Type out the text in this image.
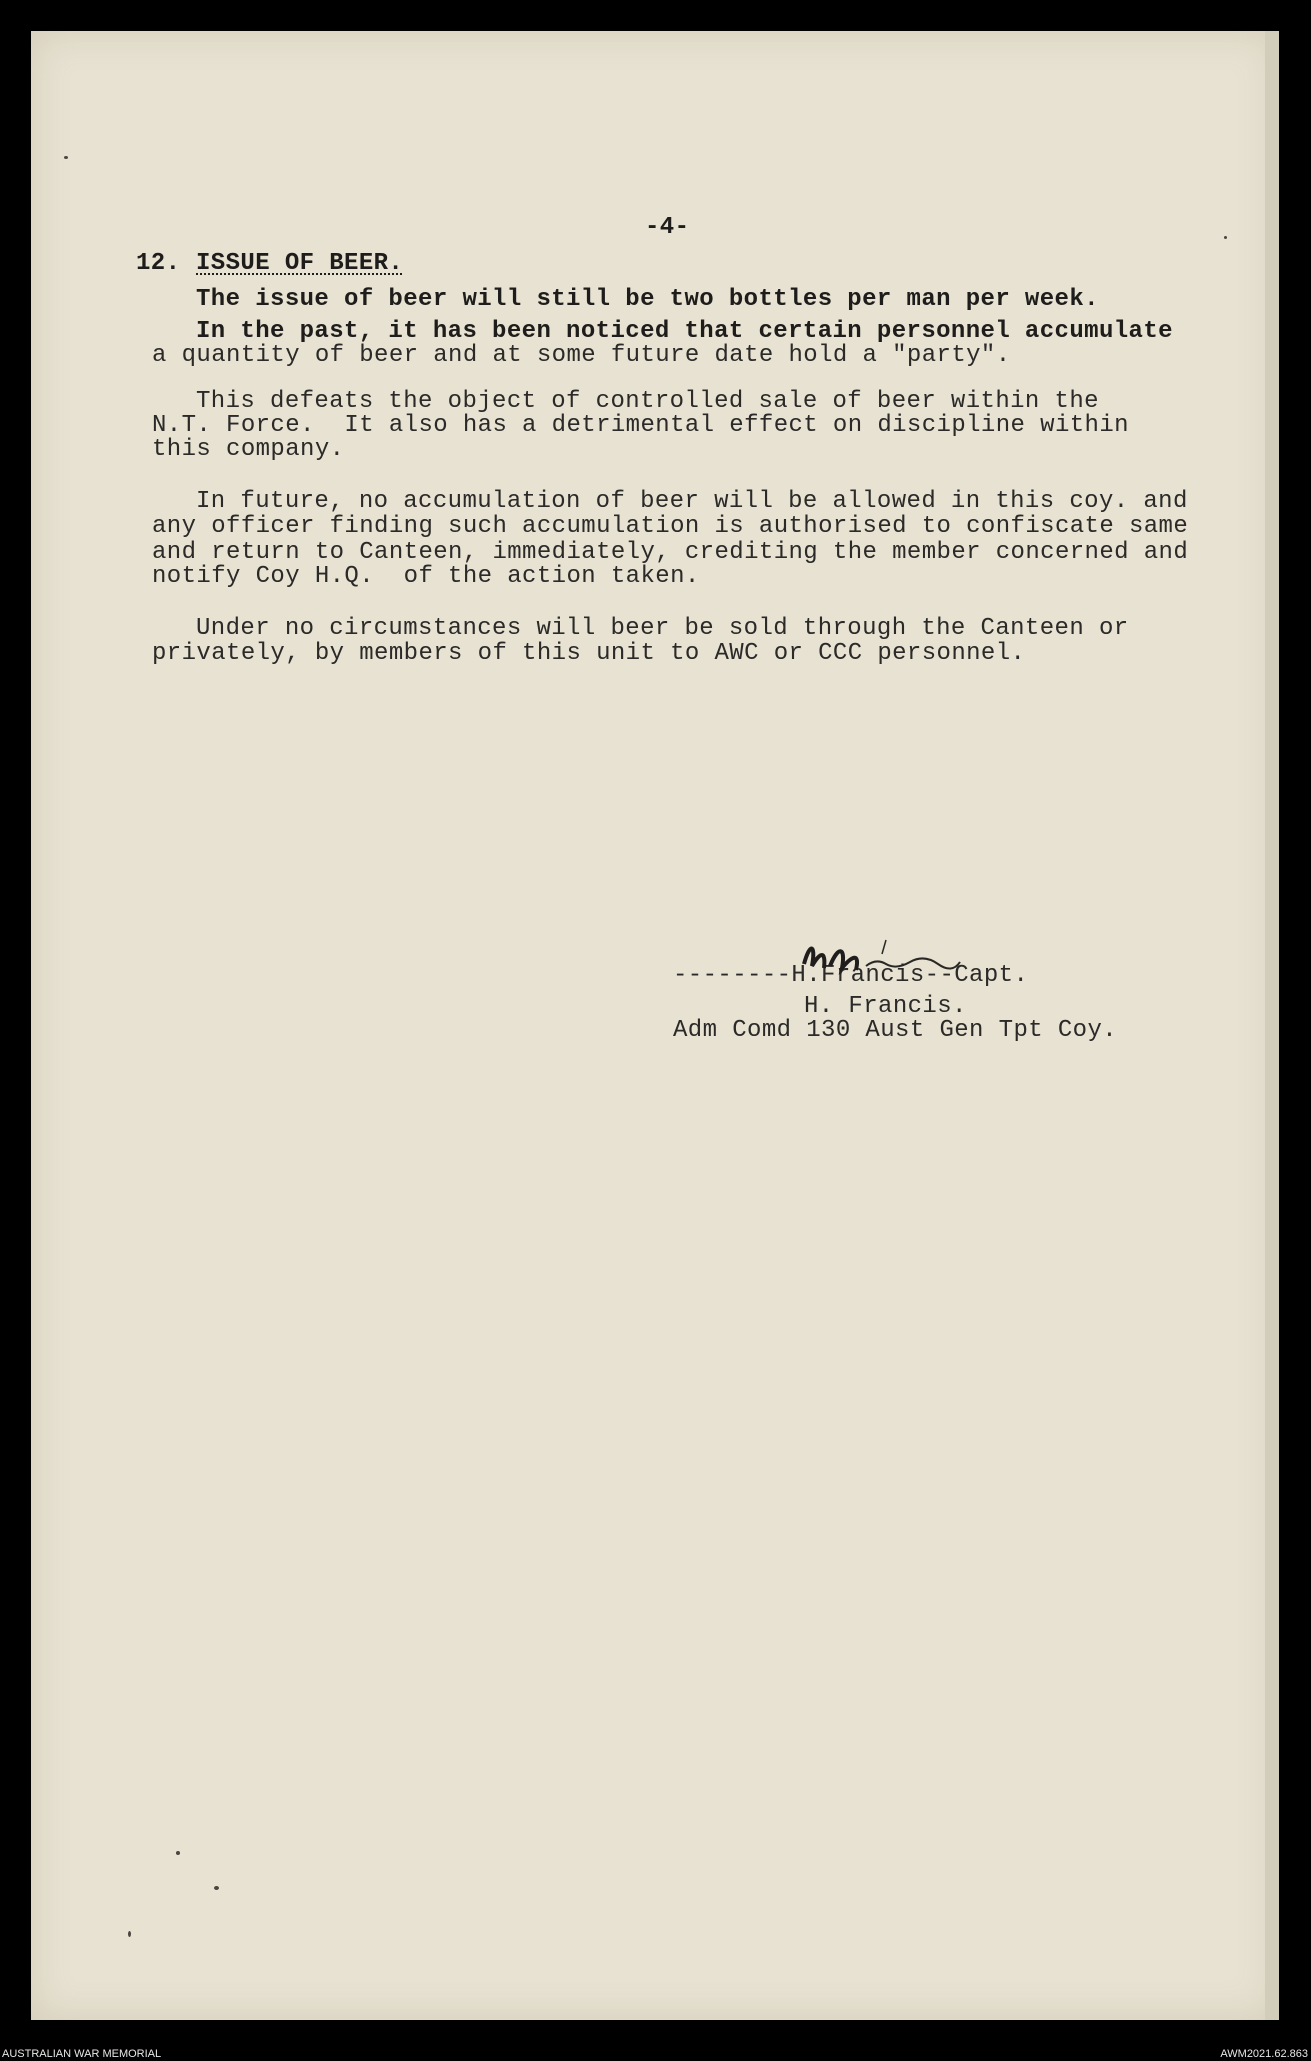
-4-
12. ISSUE OF BEER.
The issue of beer will still be two bottles per man per week.
In the past, it has been noticed that certain personnel accumulate
a quantity of beer and at some future date hold a "party".
This defeats the object of controlled sale of beer within the
N.T. Force.  It also has a detrimental effect on discipline within
this company.
In future, no accumulation of beer will be allowed in this coy. and
any officer finding such accumulation is authorised to confiscate same
and return to Canteen, immediately, crediting the member concerned and
notify Coy H.Q.  of the action taken.
Under no circumstances will beer be sold through the Canteen or
privately, by members of this unit to AWC or CCC personnel.
--------H.Francis--Capt.
H. Francis.
Adm Comd 130 Aust Gen Tpt Coy.
AUSTRALIAN WAR MEMORIAL	AWM2021.62.863
